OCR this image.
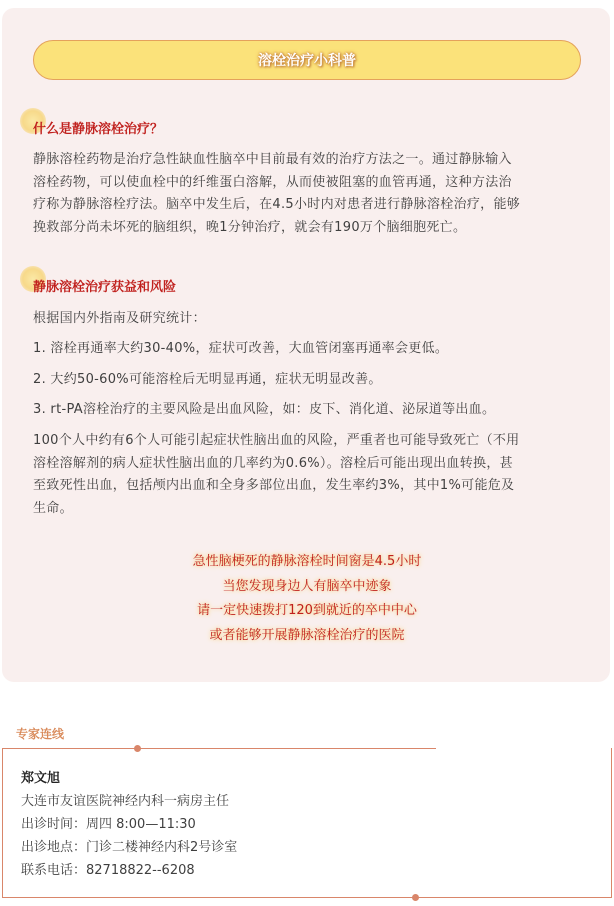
溶栓治疗小科普
什么是静脉溶栓治疗？
静脉溶栓药物是治疗急性缺血性脑卒中目前最有效的治疗方法之一。通过静脉输入
溶栓药物，可以使血栓中的纤维蛋白溶解，从而使被阻塞的血管再通，这种方法治
疗称为静脉溶栓疗法。脑卒中发生后，在4.5小时内对患者进行静脉溶栓治疗，能够
挽救部分尚未坏死的脑组织，晚1分钟治疗，就会有190万个脑细胞死亡。
静脉溶栓治疗获益和风险
根据国内外指南及研究统计：
1. 溶栓再通率大约30-40%，症状可改善，大血管闭塞再通率会更低。
2. 大约50-60%可能溶栓后无明显再通，症状无明显改善。
3. rt-PA溶栓治疗的主要风险是出血风险，如：皮下、消化道、泌尿道等出血。
100个人中约有6个人可能引起症状性脑出血的风险，严重者也可能导致死亡（不用
溶栓溶解剂的病人症状性脑出血的几率约为0.6%）。溶栓后可能出现出血转换，甚
至致死性出血，包括颅内出血和全身多部位出血，发生率约3%，其中1%可能危及
生命。
急性脑梗死的静脉溶栓时间窗是4.5小时
当您发现身边人有脑卒中迹象
请一定快速拨打120到就近的卒中中心
或者能够开展静脉溶栓治疗的医院
专家连线
郑文旭
大连市友谊医院神经内科一病房主任
出诊时间：周四 8:00—11:30
出诊地点：门诊二楼神经内科2号诊室
联系电话：82718822--6208
